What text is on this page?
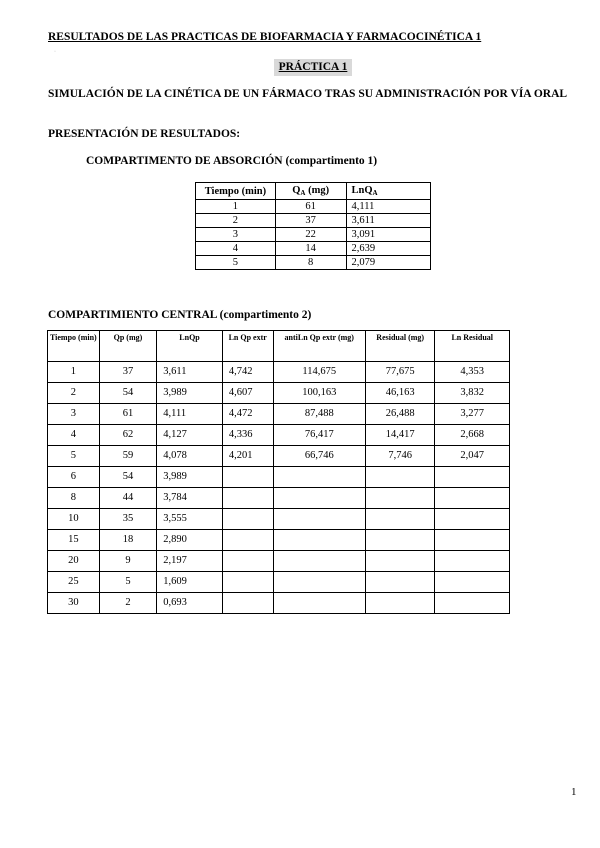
RESULTADOS DE LAS PRACTICAS DE BIOFARMACIA Y FARMACOCINÉTICA 1
·
PRÁCTICA 1
SIMULACIÓN DE LA CINÉTICA DE UN FÁRMACO TRAS SU ADMINISTRACIÓN POR VÍA ORAL
PRESENTACIÓN DE RESULTADOS:
COMPARTIMENTO DE ABSORCIÓN (compartimento 1)
Tiempo (min)	$Q_A$ (mg)	LnQ$_A$
1	61	4,111
2	37	3,611
3	22	3,091
4	14	2,639
5	8	2,079
COMPARTIMIENTO CENTRAL (compartimento 2)
Tiempo (min)	Qp (mg)	LnQp	Ln Qp extr	antiLn Qp extr (mg)	Residual (mg)	Ln Residual
1	37	3,611	4,742	114,675	77,675	4,353
2	54	3,989	4,607	100,163	46,163	3,832
3	61	4,111	4,472	87,488	26,488	3,277
4	62	4,127	4,336	76,417	14,417	2,668
5	59	4,078	4,201	66,746	7,746	2,047
6	54	3,989				
8	44	3,784				
10	35	3,555				
15	18	2,890				
20	9	2,197				
25	5	1,609				
30	2	0,693				
1
